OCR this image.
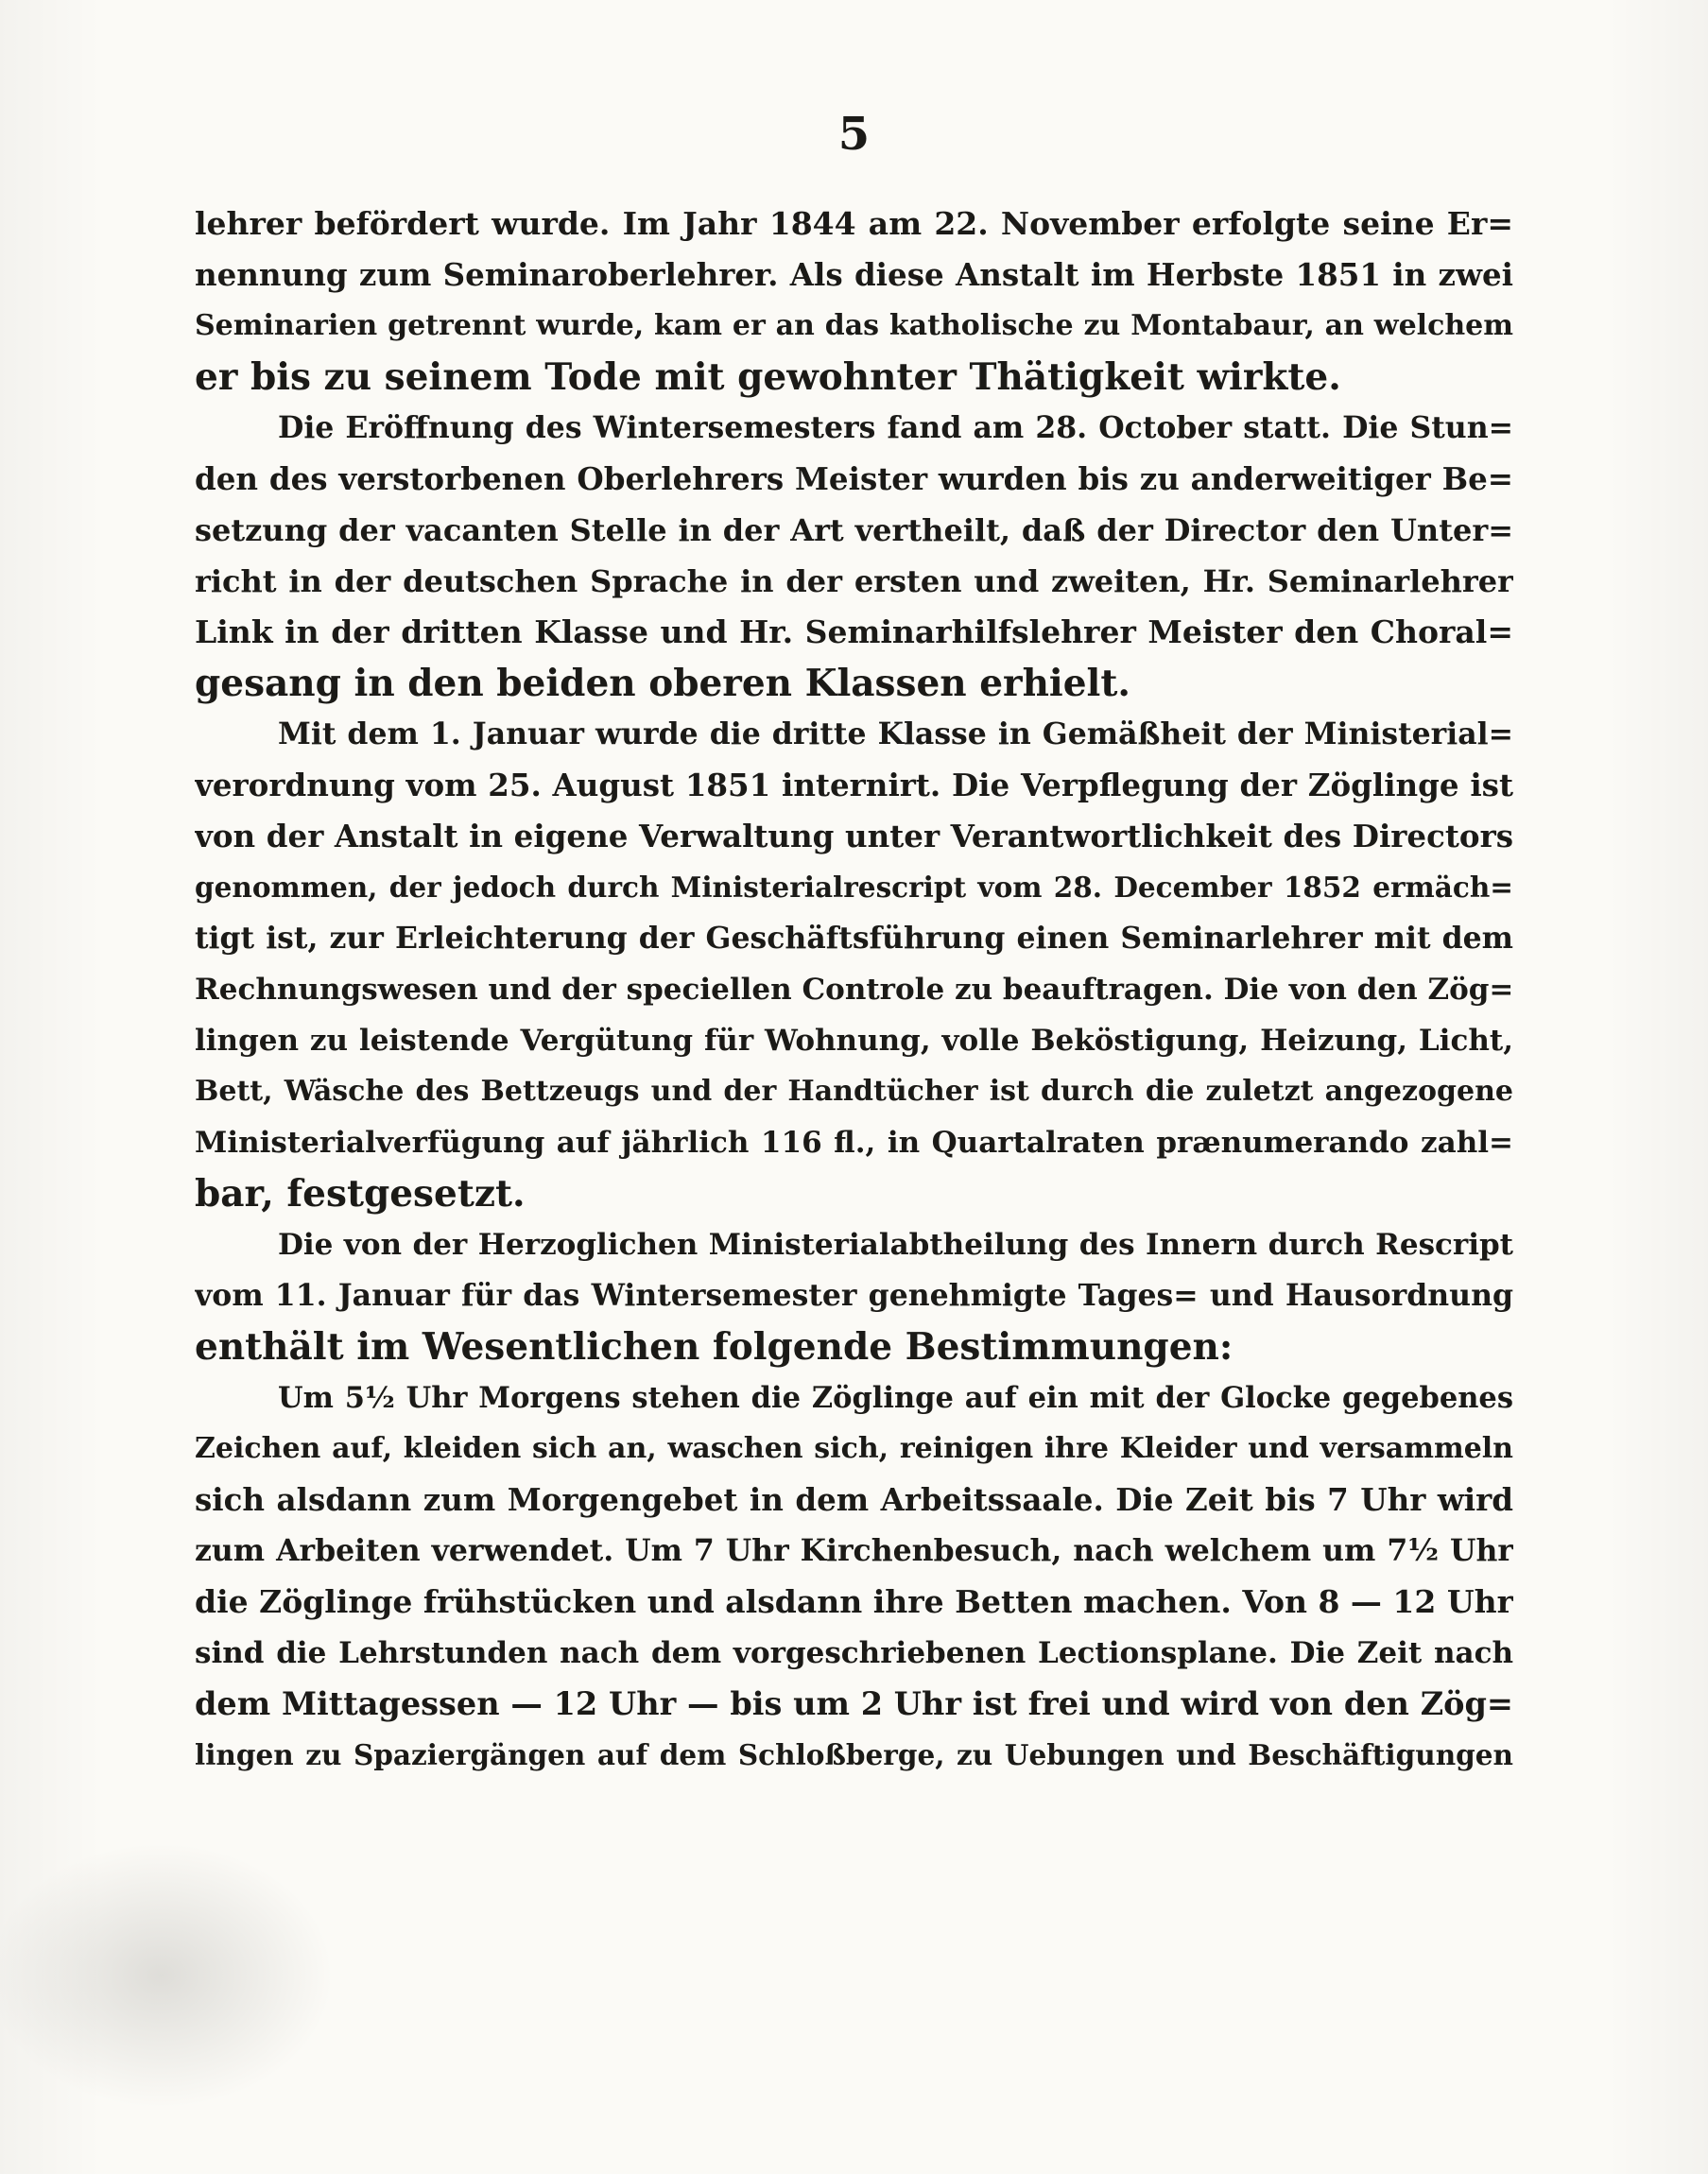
5
lehrer befördert wurde. Im Jahr 1844 am 22. November erfolgte seine Er=
nennung zum Seminaroberlehrer. Als diese Anstalt im Herbste 1851 in zwei
Seminarien getrennt wurde, kam er an das katholische zu Montabaur, an welchem
er bis zu seinem Tode mit gewohnter Thätigkeit wirkte.
Die Eröffnung des Wintersemesters fand am 28. October statt. Die Stun=
den des verstorbenen Oberlehrers Meister wurden bis zu anderweitiger Be=
setzung der vacanten Stelle in der Art vertheilt, daß der Director den Unter=
richt in der deutschen Sprache in der ersten und zweiten, Hr. Seminarlehrer
Link in der dritten Klasse und Hr. Seminarhilfslehrer Meister den Choral=
gesang in den beiden oberen Klassen erhielt.
Mit dem 1. Januar wurde die dritte Klasse in Gemäßheit der Ministerial=
verordnung vom 25. August 1851 internirt. Die Verpflegung der Zöglinge ist
von der Anstalt in eigene Verwaltung unter Verantwortlichkeit des Directors
genommen, der jedoch durch Ministerialrescript vom 28. December 1852 ermäch=
tigt ist, zur Erleichterung der Geschäftsführung einen Seminarlehrer mit dem
Rechnungswesen und der speciellen Controle zu beauftragen. Die von den Zög=
lingen zu leistende Vergütung für Wohnung, volle Beköstigung, Heizung, Licht,
Bett, Wäsche des Bettzeugs und der Handtücher ist durch die zuletzt angezogene
Ministerialverfügung auf jährlich 116 fl., in Quartalraten prænumerando zahl=
bar, festgesetzt.
Die von der Herzoglichen Ministerialabtheilung des Innern durch Rescript
vom 11. Januar für das Wintersemester genehmigte Tages= und Hausordnung
enthält im Wesentlichen folgende Bestimmungen:
Um 5½ Uhr Morgens stehen die Zöglinge auf ein mit der Glocke gegebenes
Zeichen auf, kleiden sich an, waschen sich, reinigen ihre Kleider und versammeln
sich alsdann zum Morgengebet in dem Arbeitssaale. Die Zeit bis 7 Uhr wird
zum Arbeiten verwendet. Um 7 Uhr Kirchenbesuch, nach welchem um 7½ Uhr
die Zöglinge frühstücken und alsdann ihre Betten machen. Von 8 — 12 Uhr
sind die Lehrstunden nach dem vorgeschriebenen Lectionsplane. Die Zeit nach
dem Mittagessen — 12 Uhr — bis um 2 Uhr ist frei und wird von den Zög=
lingen zu Spaziergängen auf dem Schloßberge, zu Uebungen und Beschäftigungen
